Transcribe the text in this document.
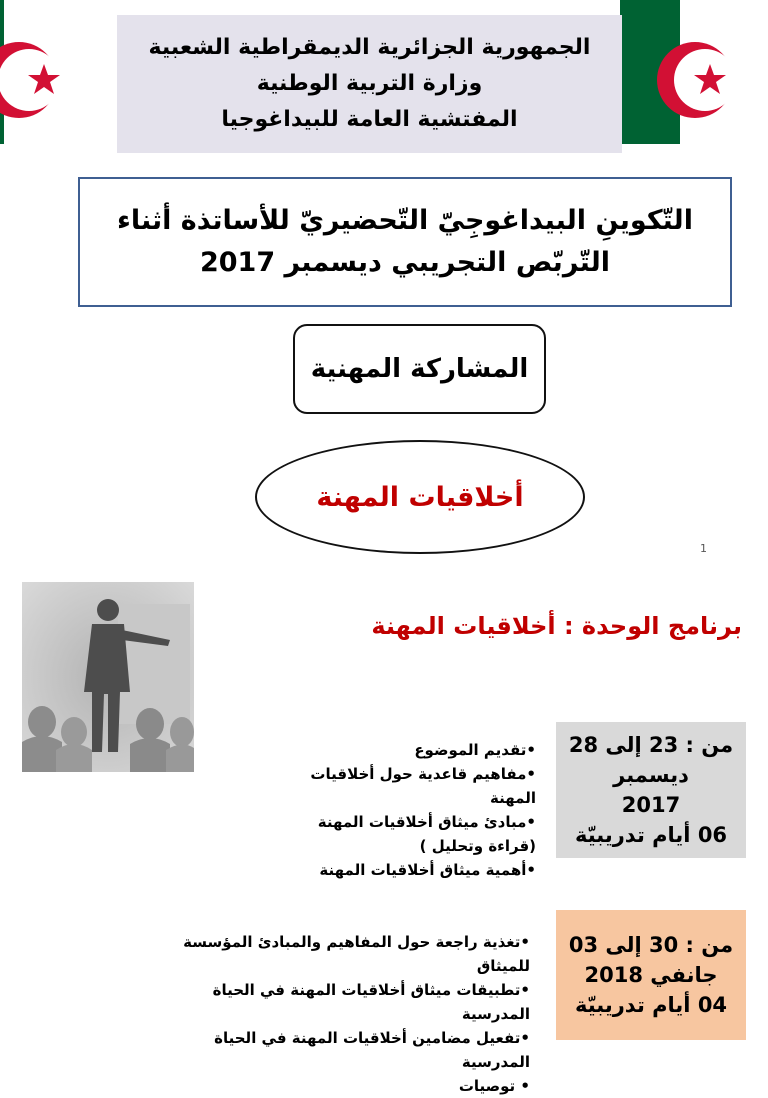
الجمهورية الجزائرية الديمقراطية الشعبية
وزارة التربية الوطنية
المفتشية العامة للبيداغوجيا
التّكوينِ البيداغوجِيّ التّحضيريّ للأساتذة أثناء
التّربّص التجريبي ديسمبر 2017
المشاركة المهنية
أخلاقيات المهنة
1
برنامج الوحدة : أخلاقيات المهنة
من : 23 إلى 28
ديسمبر
2017
06 أيام تدريبيّة
•تقديم الموضوع
•مفاهيم قاعدية حول أخلاقيات المهنة
•مبادئ ميثاق أخلاقيات المهنة (قراءة وتحليل )
•أهمية ميثاق أخلاقيات المهنة
من : 30 إلى 03
جانفي 2018
04 أيام تدريبيّة
•تغذية راجعة حول المفاهيم والمبادئ المؤسسة للميثاق
•تطبيقات ميثاق أخلاقيات المهنة في الحياة المدرسية
•تفعيل مضامين أخلاقيات المهنة في الحياة المدرسية
• توصيات
